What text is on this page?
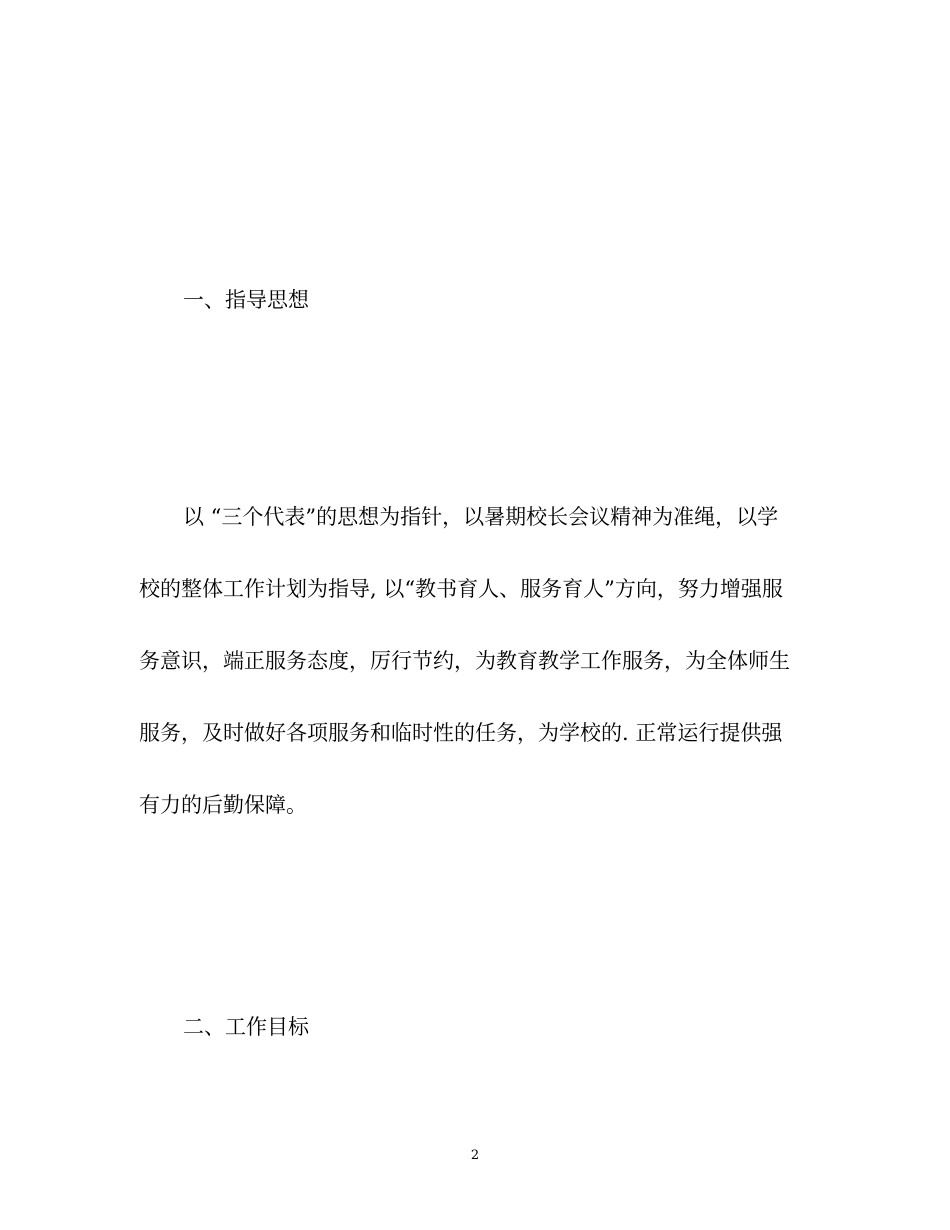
一、指导思想
以 “三个代表”的思想为指针，以暑期校长会议精神为准绳，以学
校的整体工作计划为指导, 以“教书育人、服务育人”方向，努力增强服
务意识，端正服务态度，厉行节约，为教育教学工作服务，为全体师生
服务，及时做好各项服务和临时性的任务，为学校的. 正常运行提供强
有力的后勤保障。
二、工作目标
2
